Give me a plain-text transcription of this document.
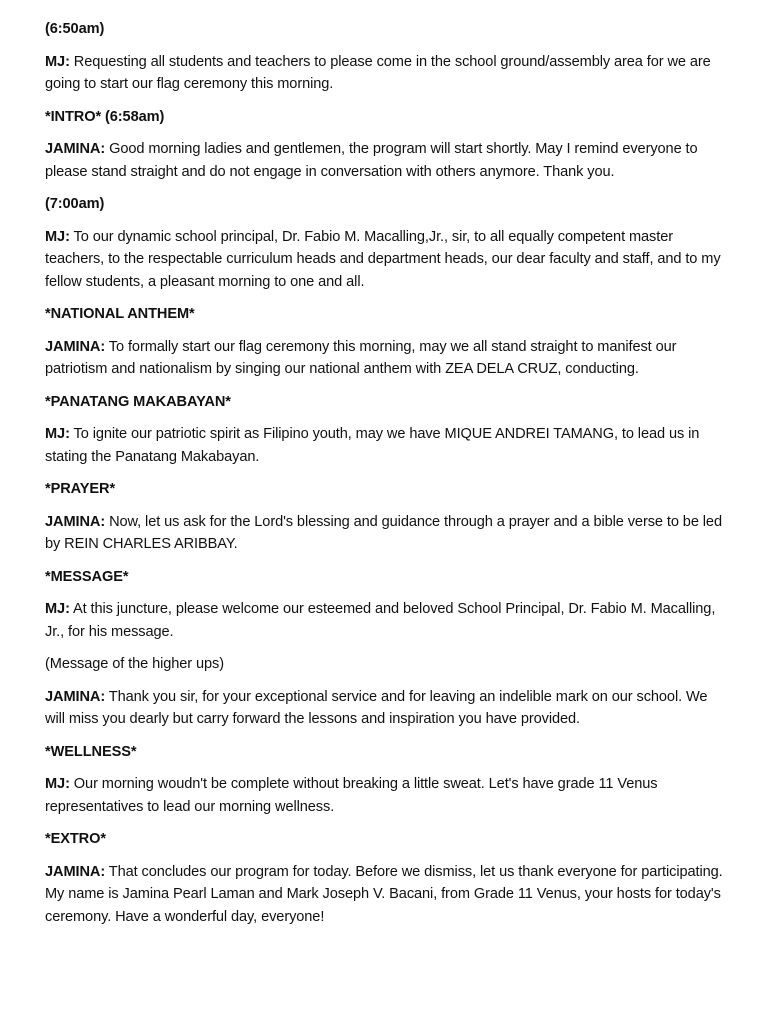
(6:50am)

MJ: Requesting all students and teachers to please come in the school ground/assembly area for we are going to start our flag ceremony this morning.

*INTRO* (6:58am)

JAMINA: Good morning ladies and gentlemen, the program will start shortly. May I remind everyone to please stand straight and do not engage in conversation with others anymore. Thank you.

(7:00am)

MJ: To our dynamic school principal, Dr. Fabio M. Macalling,Jr., sir, to all equally competent master teachers, to the respectable curriculum heads and department heads, our dear faculty and staff, and to my fellow students, a pleasant morning to one and all.

*NATIONAL ANTHEM*

JAMINA: To formally start our flag ceremony this morning, may we all stand straight to manifest our patriotism and nationalism by singing our national anthem with ZEA DELA CRUZ, conducting.

*PANATANG MAKABAYAN*

MJ: To ignite our patriotic spirit as Filipino youth, may we have MIQUE ANDREI TAMANG, to lead us in stating the Panatang Makabayan.

*PRAYER*

JAMINA: Now, let us ask for the Lord's blessing and guidance through a prayer and a bible verse to be led by REIN CHARLES ARIBBAY.

*MESSAGE*

MJ: At this juncture, please welcome our esteemed and beloved School Principal, Dr. Fabio M. Macalling, Jr., for his message.

(Message of the higher ups)

JAMINA: Thank you sir, for your exceptional service and for leaving an indelible mark on our school. We will miss you dearly but carry forward the lessons and inspiration you have provided.

*WELLNESS*

MJ: Our morning woudn't be complete without breaking a little sweat. Let's have grade 11 Venus representatives to lead our morning wellness.

*EXTRO*

JAMINA: That concludes our program for today. Before we dismiss, let us thank everyone for participating. My name is Jamina Pearl Laman and Mark Joseph V. Bacani, from Grade 11 Venus, your hosts for today's ceremony. Have a wonderful day, everyone!
